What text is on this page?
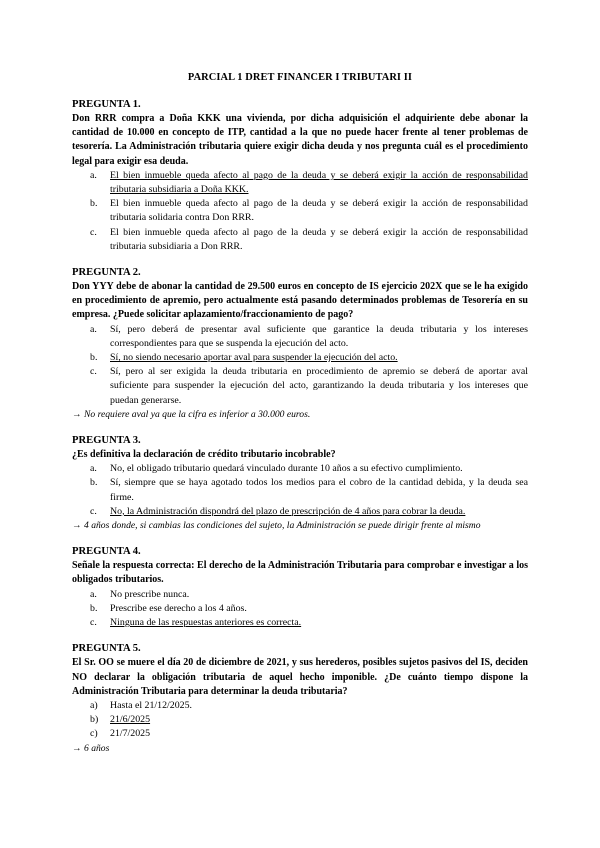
PARCIAL 1 DRET FINANCER I TRIBUTARI II

PREGUNTA 1.

Don RRR compra a Doña KKK una vivienda, por dicha adquisición el adquiriente debe abonar la cantidad de 10.000 en concepto de ITP, cantidad a la que no puede hacer frente al tener problemas de tesorería. La Administración tributaria quiere exigir dicha deuda y nos pregunta cuál es el procedimiento legal para exigir esa deuda.

a. El bien inmueble queda afecto al pago de la deuda y se deberá exigir la acción de responsabilidad tributaria subsidiaria a Doña KKK.
b. El bien inmueble queda afecto al pago de la deuda y se deberá exigir la acción de responsabilidad tributaria solidaria contra Don RRR.
c. El bien inmueble queda afecto al pago de la deuda y se deberá exigir la acción de responsabilidad tributaria subsidiaria a Don RRR.

PREGUNTA 2.

Don YYY debe de abonar la cantidad de 29.500 euros en concepto de IS ejercicio 202X que se le ha exigido en procedimiento de apremio, pero actualmente está pasando determinados problemas de Tesorería en su empresa. ¿Puede solicitar aplazamiento/fraccionamiento de pago?

a. Sí, pero deberá de presentar aval suficiente que garantice la deuda tributaria y los intereses correspondientes para que se suspenda la ejecución del acto.
b. Sí, no siendo necesario aportar aval para suspender la ejecución del acto.
c. Sí, pero al ser exigida la deuda tributaria en procedimiento de apremio se deberá de aportar aval suficiente para suspender la ejecución del acto, garantizando la deuda tributaria y los intereses que puedan generarse.

→ No requiere aval ya que la cifra es inferior a 30.000 euros.

PREGUNTA 3.

¿Es definitiva la declaración de crédito tributario incobrable?

a. No, el obligado tributario quedará vinculado durante 10 años a su efectivo cumplimiento.
b. Sí, siempre que se haya agotado todos los medios para el cobro de la cantidad debida, y la deuda sea firme.
c. No, la Administración dispondrá del plazo de prescripción de 4 años para cobrar la deuda.

→ 4 años donde, si cambias las condiciones del sujeto, la Administración se puede dirigir frente al mismo

PREGUNTA 4.

Señale la respuesta correcta: El derecho de la Administración Tributaria para comprobar e investigar a los obligados tributarios.

a. No prescribe nunca.
b. Prescribe ese derecho a los 4 años.
c. Ninguna de las respuestas anteriores es correcta.

PREGUNTA 5.

El Sr. OO se muere el día 20 de diciembre de 2021, y sus herederos, posibles sujetos pasivos del IS, deciden NO declarar la obligación tributaria de aquel hecho imponible. ¿De cuánto tiempo dispone la Administración Tributaria para determinar la deuda tributaria?

a) Hasta el 21/12/2025.
b) 21/6/2025
c) 21/7/2025

→ 6 años
